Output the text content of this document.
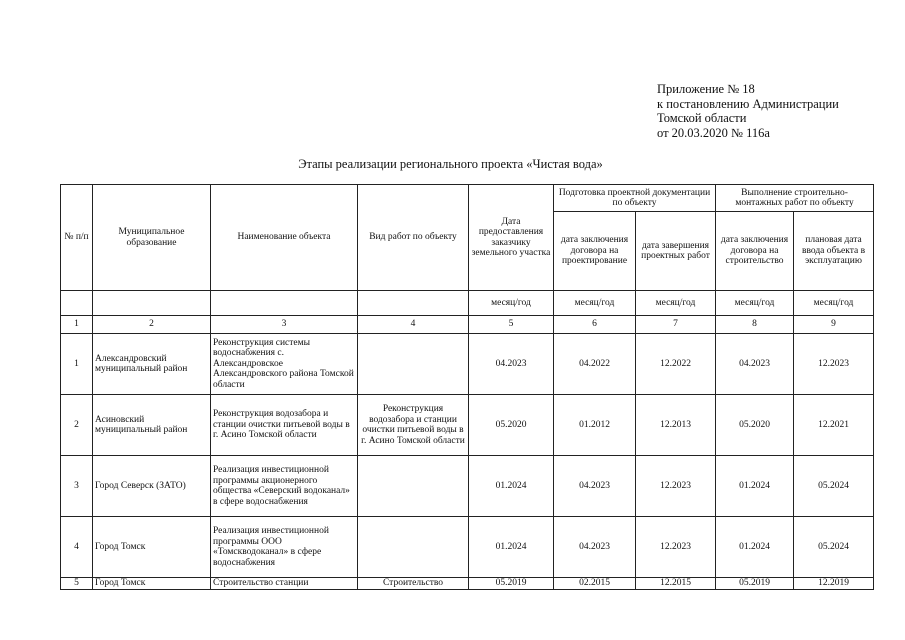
Приложение № 18
к постановлению Администрации
Томской области
от 20.03.2020 № 116а
Этапы реализации регионального проекта «Чистая вода»
№ п/п	Муниципальное образование	Наименование объекта	Вид работ по объекту	Дата предоставления заказчику земельного участка	Подготовка проектной документации по объекту		Выполнение строительно-монтажных работ по объекту	
					дата заключения договора на проектирование	дата завершения проектных работ	дата заключения договора на строительство	плановая дата ввода объекта в эксплуатацию
				месяц/год	месяц/год	месяц/год	месяц/год	месяц/год
1	2	3	4	5	6	7	8	9
1	Александровский муниципальный район	Реконструкция системы водоснабжения с. Александровское Александровского района Томской области		04.2023	04.2022	12.2022	04.2023	12.2023
2	Асиновский муниципальный район	Реконструкция водозабора и станции очистки питьевой воды в г. Асино Томской области	Реконструкция водозабора и станции очистки питьевой воды в г. Асино Томской области	05.2020	01.2012	12.2013	05.2020	12.2021
3	Город Северск (ЗАТО)	Реализация инвестиционной программы акционерного общества «Северский водоканал» в сфере водоснабжения		01.2024	04.2023	12.2023	01.2024	05.2024
4	Город Томск	Реализация инвестиционной программы ООО «Томскводоканал» в сфере водоснабжения		01.2024	04.2023	12.2023	01.2024	05.2024
5	Город Томск	Строительство станции	Строительство	05.2019	02.2015	12.2015	05.2019	12.2019
